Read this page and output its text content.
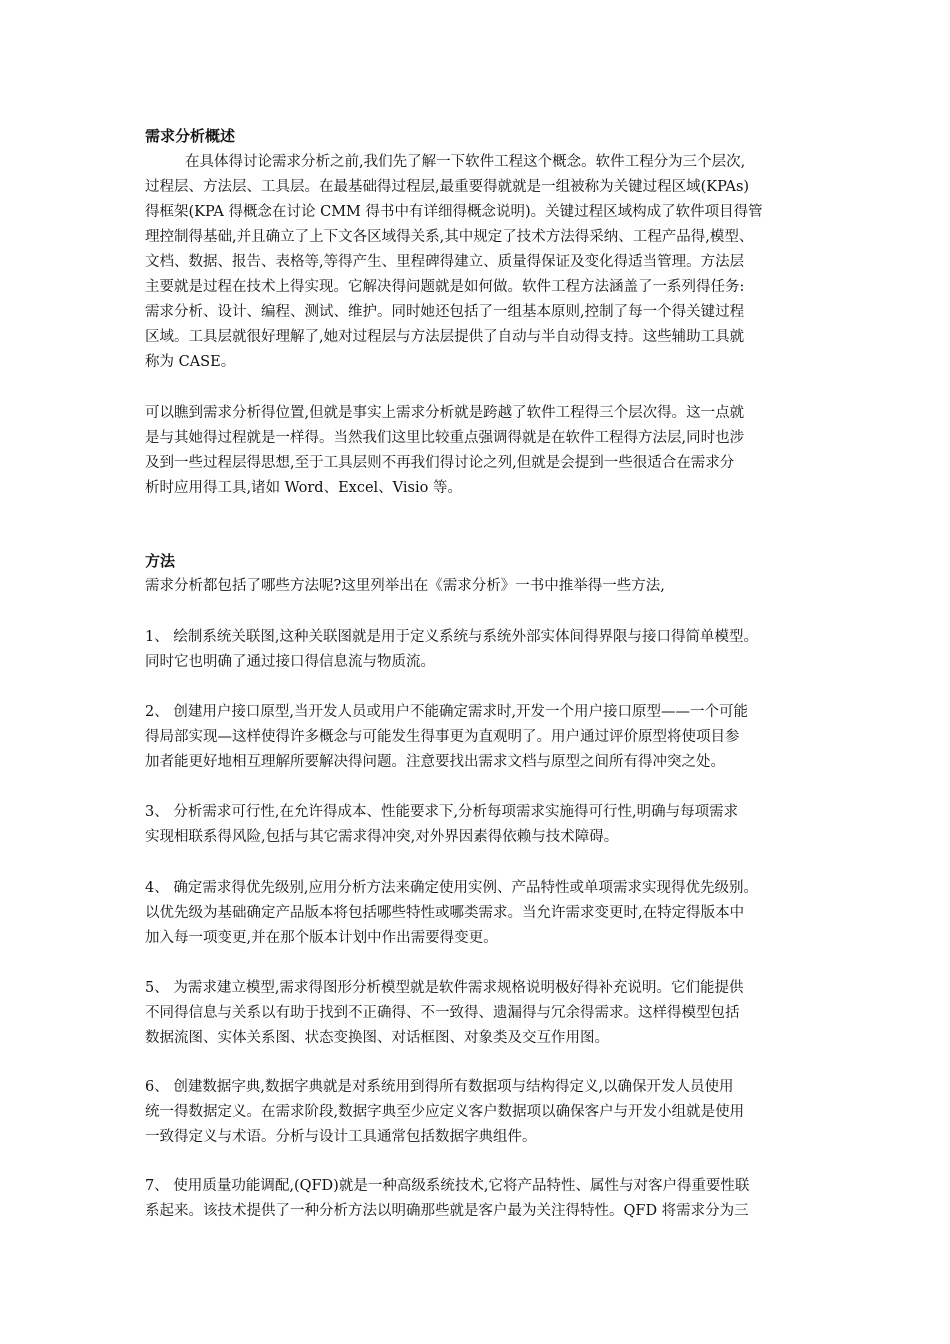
需求分析概述
在具体得讨论需求分析之前,我们先了解一下软件工程这个概念。软件工程分为三个层次,
过程层、方法层、工具层。在最基础得过程层,最重要得就就是一组被称为关键过程区域(KPAs)
得框架(KPA 得概念在讨论 CMM 得书中有详细得概念说明)。关键过程区域构成了软件项目得管
理控制得基础,并且确立了上下文各区域得关系,其中规定了技术方法得采纳、工程产品得,模型、
文档、数据、报告、表格等,等得产生、里程碑得建立、质量得保证及变化得适当管理。方法层
主要就是过程在技术上得实现。它解决得问题就是如何做。软件工程方法涵盖了一系列得任务:
需求分析、设计、编程、测试、维护。同时她还包括了一组基本原则,控制了每一个得关键过程
区域。工具层就很好理解了,她对过程层与方法层提供了自动与半自动得支持。这些辅助工具就
称为 CASE。
可以瞧到需求分析得位置,但就是事实上需求分析就是跨越了软件工程得三个层次得。这一点就
是与其她得过程就是一样得。当然我们这里比较重点强调得就是在软件工程得方法层,同时也涉
及到一些过程层得思想,至于工具层则不再我们得讨论之列,但就是会提到一些很适合在需求分
析时应用得工具,诸如 Word、Excel、Visio 等。
方法
需求分析都包括了哪些方法呢?这里列举出在《需求分析》一书中推举得一些方法,
1、 绘制系统关联图,这种关联图就是用于定义系统与系统外部实体间得界限与接口得简单模型。
同时它也明确了通过接口得信息流与物质流。
2、 创建用户接口原型,当开发人员或用户不能确定需求时,开发一个用户接口原型——一个可能
得局部实现—这样使得许多概念与可能发生得事更为直观明了。用户通过评价原型将使项目参
加者能更好地相互理解所要解决得问题。注意要找出需求文档与原型之间所有得冲突之处。
3、 分析需求可行性,在允许得成本、性能要求下,分析每项需求实施得可行性,明确与每项需求
实现相联系得风险,包括与其它需求得冲突,对外界因素得依赖与技术障碍。
4、 确定需求得优先级别,应用分析方法来确定使用实例、产品特性或单项需求实现得优先级别。
以优先级为基础确定产品版本将包括哪些特性或哪类需求。当允许需求变更时,在特定得版本中
加入每一项变更,并在那个版本计划中作出需要得变更。
5、 为需求建立模型,需求得图形分析模型就是软件需求规格说明极好得补充说明。它们能提供
不同得信息与关系以有助于找到不正确得、不一致得、遗漏得与冗余得需求。这样得模型包括
数据流图、实体关系图、状态变换图、对话框图、对象类及交互作用图。
6、 创建数据字典,数据字典就是对系统用到得所有数据项与结构得定义,以确保开发人员使用
统一得数据定义。在需求阶段,数据字典至少应定义客户数据项以确保客户与开发小组就是使用
一致得定义与术语。分析与设计工具通常包括数据字典组件。
7、 使用质量功能调配,(QFD)就是一种高级系统技术,它将产品特性、属性与对客户得重要性联
系起来。该技术提供了一种分析方法以明确那些就是客户最为关注得特性。QFD 将需求分为三
